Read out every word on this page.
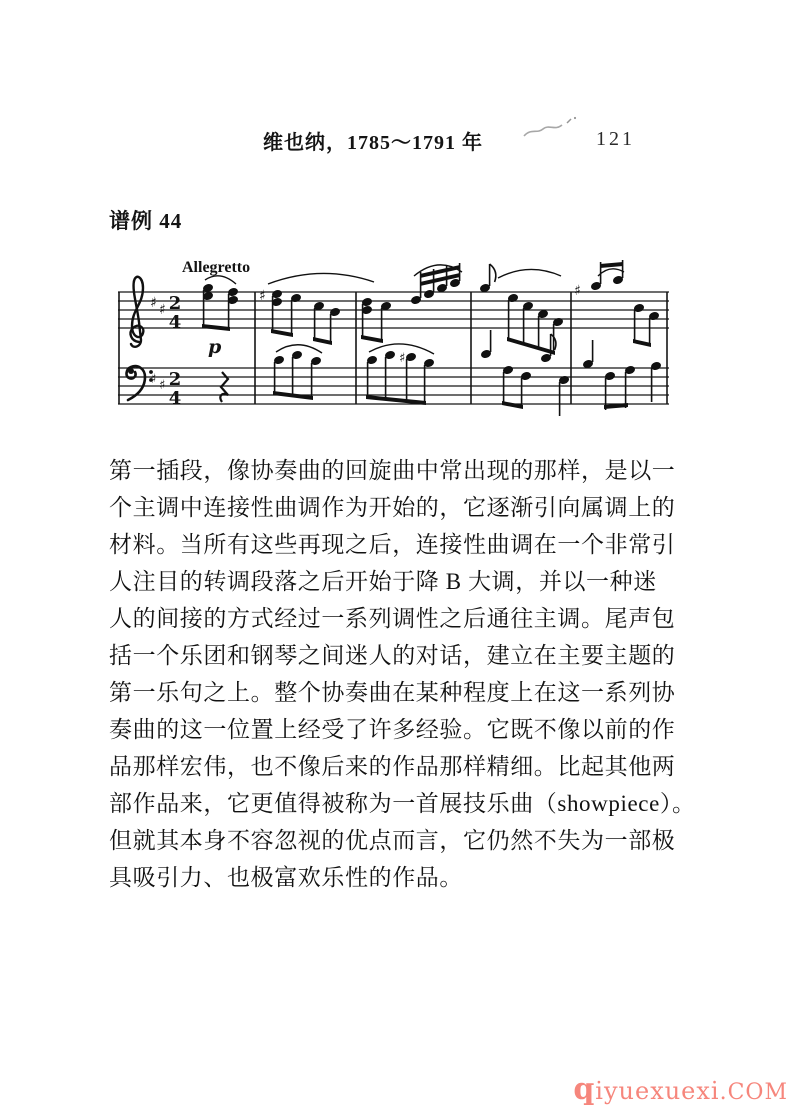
维也纳，1785～1791 年	121
谱例 44
Allegretto
♯ ♯
♯ ♯
2
4
2
4
p
♯	♯
♯
第一插段，像协奏曲的回旋曲中常出现的那样，是以一
个主调中连接性曲调作为开始的，它逐渐引向属调上的
材料。当所有这些再现之后，连接性曲调在一个非常引
人注目的转调段落之后开始于降 B 大调，并以一种迷
人的间接的方式经过一系列调性之后通往主调。尾声包
括一个乐团和钢琴之间迷人的对话，建立在主要主题的
第一乐句之上。整个协奏曲在某种程度上在这一系列协
奏曲的这一位置上经受了许多经验。它既不像以前的作
品那样宏伟，也不像后来的作品那样精细。比起其他两
部作品来，它更值得被称为一首展技乐曲（showpiece）。
但就其本身不容忽视的优点而言，它仍然不失为一部极
具吸引力、也极富欢乐性的作品。
qiyuexuexi.COM
